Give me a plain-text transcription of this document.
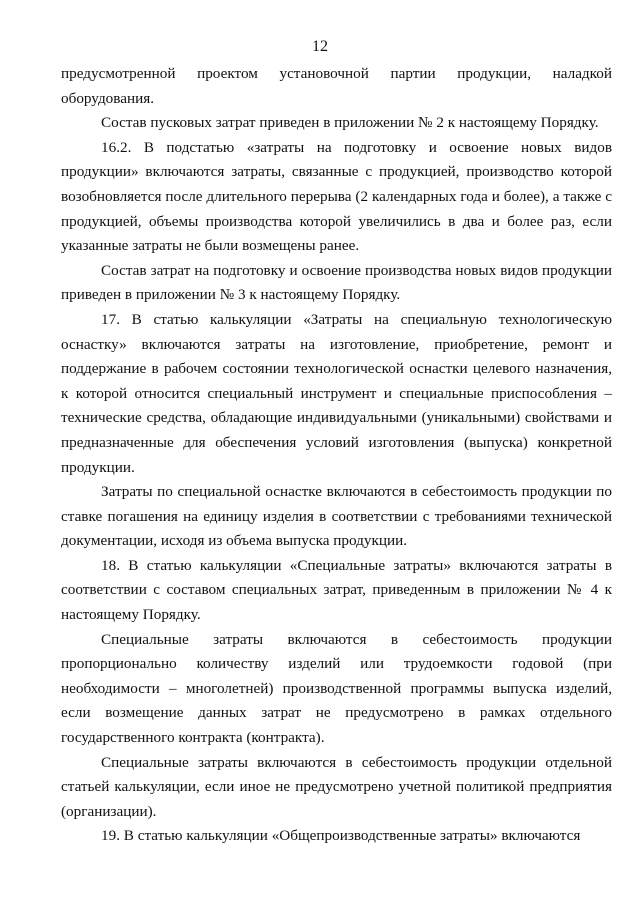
12

предусмотренной проектом установочной партии продукции, наладкой оборудования.

Состав пусковых затрат приведен в приложении № 2 к настоящему Порядку.

16.2. В подстатью «затраты на подготовку и освоение новых видов продукции» включаются затраты, связанные с продукцией, производство которой возобновляется после длительного перерыва (2 календарных года и более), а также с продукцией, объемы производства которой увеличились в два и более раз, если указанные затраты не были возмещены ранее.

Состав затрат на подготовку и освоение производства новых видов продукции приведен в приложении № 3 к настоящему Порядку.

17. В статью калькуляции «Затраты на специальную технологическую оснастку» включаются затраты на изготовление, приобретение, ремонт и поддержание в рабочем состоянии технологической оснастки целевого назначения, к которой относится специальный инструмент и специальные приспособления – технические средства, обладающие индивидуальными (уникальными) свойствами и предназначенные для обеспечения условий изготовления (выпуска) конкретной продукции.

Затраты по специальной оснастке включаются в себестоимость продукции по ставке погашения на единицу изделия в соответствии с требованиями технической документации, исходя из объема выпуска продукции.

18. В статью калькуляции «Специальные затраты» включаются затраты в соответствии с составом специальных затрат, приведенным в приложении № 4 к настоящему Порядку.

Специальные затраты включаются в себестоимость продукции пропорционально количеству изделий или трудоемкости годовой (при необходимости – многолетней) производственной программы выпуска изделий, если возмещение данных затрат не предусмотрено в рамках отдельного государственного контракта (контракта).

Специальные затраты включаются в себестоимость продукции отдельной статьей калькуляции, если иное не предусмотрено учетной политикой предприятия (организации).

19. В статью калькуляции «Общепроизводственные затраты» включаются
